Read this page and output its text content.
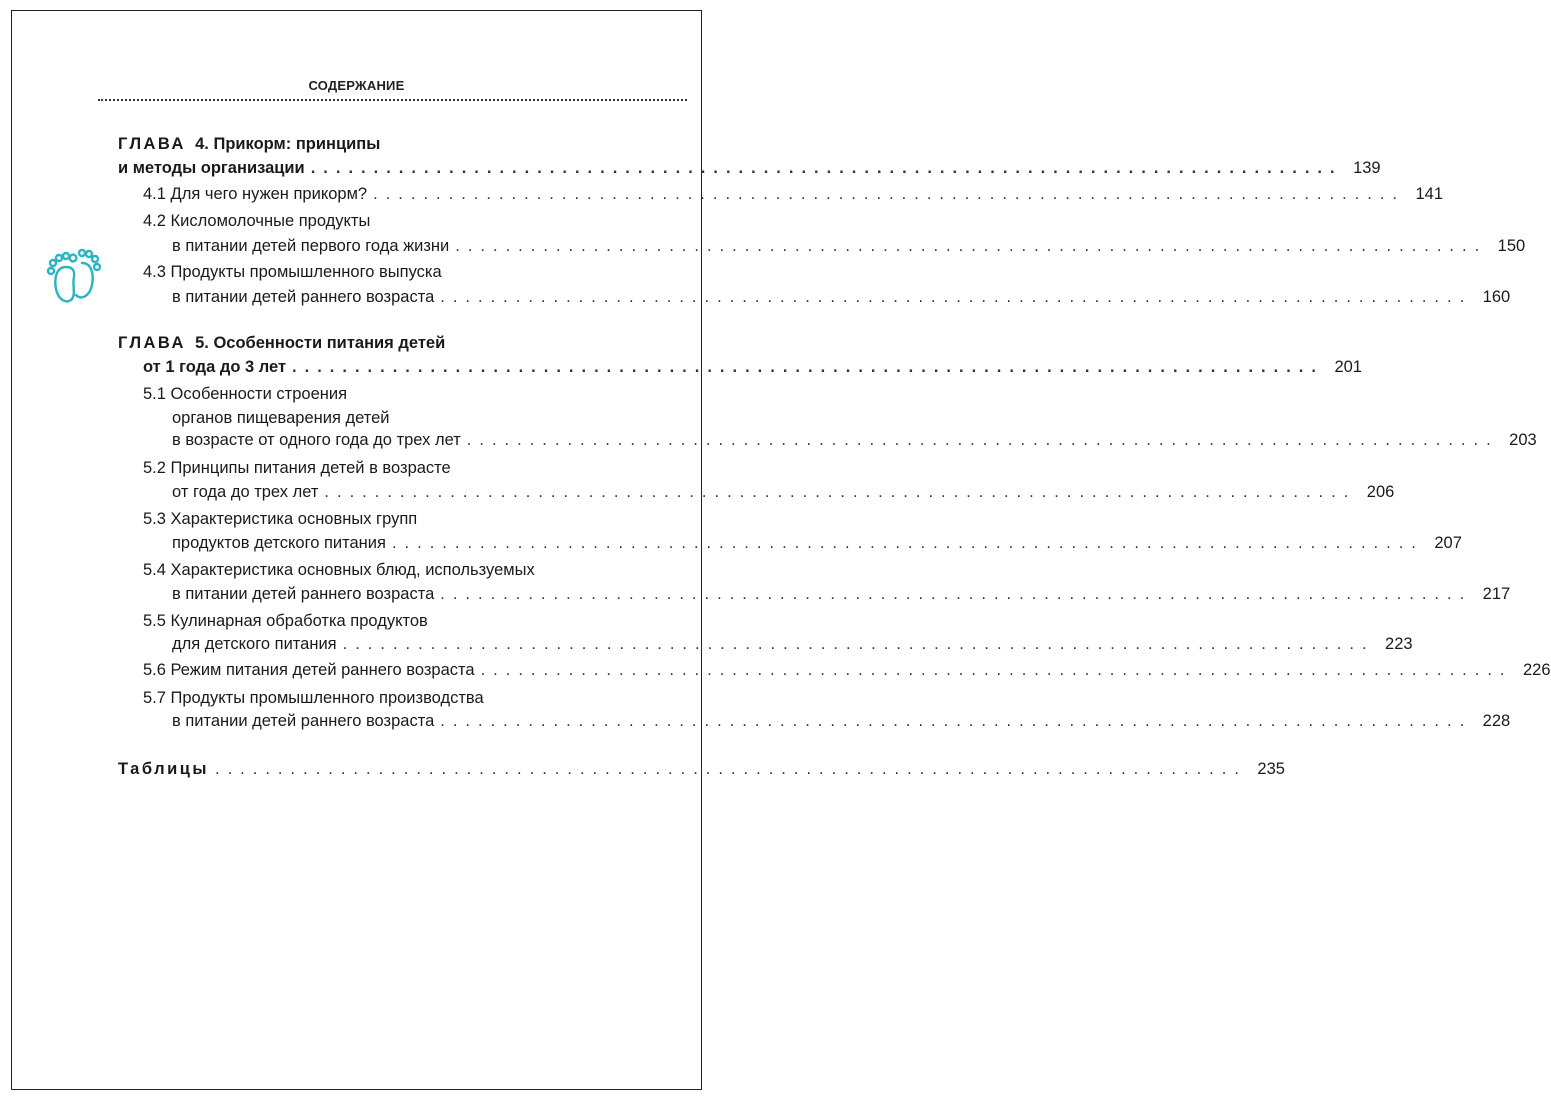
СОДЕРЖАНИЕ
ГЛАВА 4. Прикорм: принципы
и методы организации .................................................................................. 139
4.1 Для чего нужен прикорм? .................................................................................. 141
4.2 Кисломолочные продукты
в питании детей первого года жизни .................................................................................. 150
4.3 Продукты промышленного выпуска
в питании детей раннего возраста .................................................................................. 160
ГЛАВА 5. Особенности питания детей
от 1 года до 3 лет .................................................................................. 201
5.1 Особенности строения
органов пищеварения детей
в возрасте от одного года до трех лет .................................................................................. 203
5.2 Принципы питания детей в возрасте
от года до трех лет .................................................................................. 206
5.3 Характеристика основных групп
продуктов детского питания .................................................................................. 207
5.4 Характеристика основных блюд, используемых
в питании детей раннего возраста .................................................................................. 217
5.5 Кулинарная обработка продуктов
для детского питания .................................................................................. 223
5.6 Режим питания детей раннего возраста .................................................................................. 226
5.7 Продукты промышленного производства
в питании детей раннего возраста .................................................................................. 228
Таблицы .................................................................................. 235
